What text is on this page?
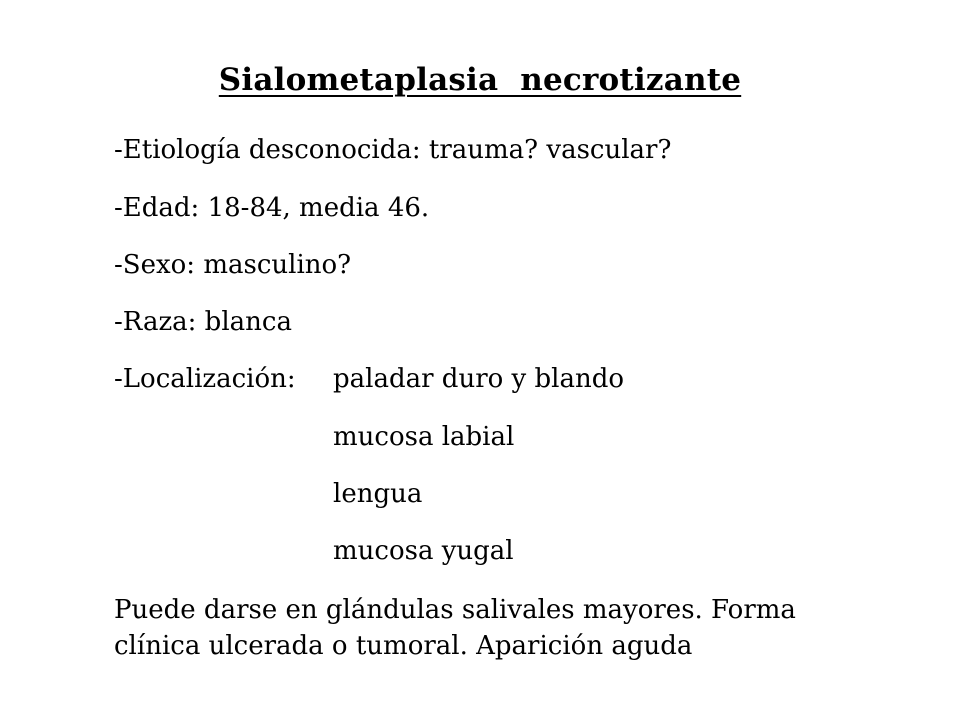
Sialometaplasia  necrotizante
-Etiología desconocida: trauma? vascular?
-Edad: 18-84, media 46.
-Sexo: masculino?
-Raza: blanca
-Localización: paladar duro y blando
mucosa labial
lengua
mucosa yugal
Puede darse en glándulas salivales mayores. Forma clínica ulcerada o tumoral. Aparición aguda
